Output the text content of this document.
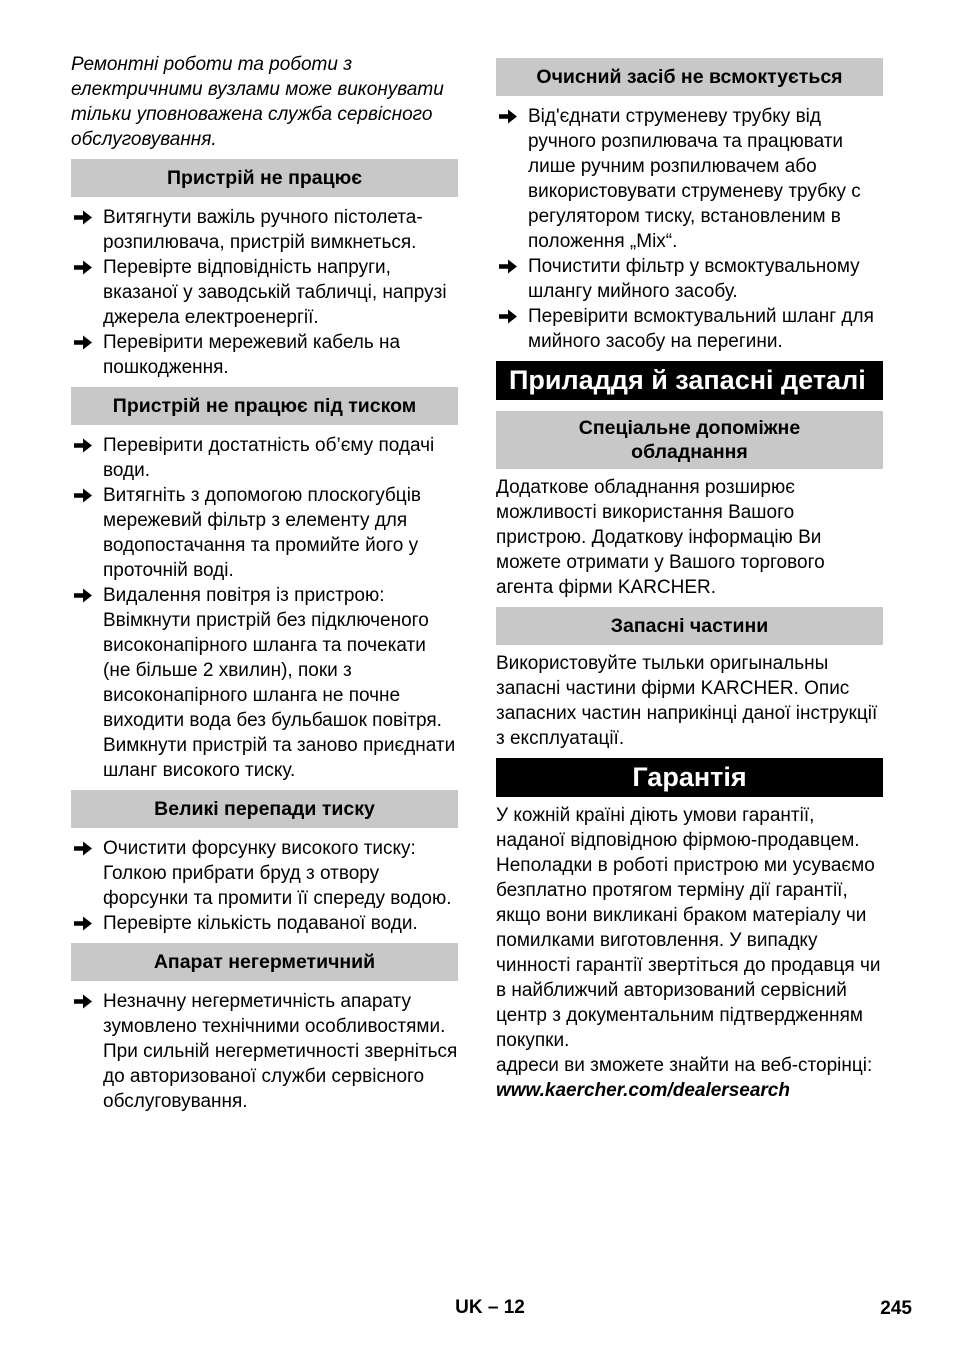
Ремонтні роботи та роботи з електричними вузлами може виконувати тільки уповноважена служба сервісного обслуговування.

Пристрій не працює
Витягнути важіль ручного пістолета-розпилювача, пристрій вимкнеться.
Перевірте відповідність напруги, вказаної у заводській табличці, напрузі джерела електроенергії.
Перевірити мережевий кабель на пошкодження.
Пристрій не працює під тиском
Перевірити достатність об’єму подачі води.
Витягніть з допомогою плоскогубців мережевий фільтр з елементу для водопостачання та промийте його у проточній воді.
Видалення повітря із пристрою: Ввімкнути пристрій без підключеного високонапірного шланга та почекати (не більше 2 хвилин), поки з високонапірного шланга не почне виходити вода без бульбашок повітря. Вимкнути пристрій та заново приєднати шланг високого тиску.
Великі перепади тиску
Очистити форсунку високого тиску: Голкою прибрати бруд з отвору форсунки та промити її спереду водою.
Перевірте кількість подаваної води.
Апарат негерметичний
Незначну негерметичність апарату зумовлено технічними особливостями. При сильній негерметичності зверніться до авторизованої служби сервісного обслуговування.
Очисний засіб не всмоктується
Від'єднати струменеву трубку від ручного розпилювача та працювати лише ручним розпилювачем або використовувати струменеву трубку с регулятором тиску, встановленим в положення „Mix“.
Почистити фільтр у всмоктувальному шлангу мийного засобу.
Перевірити всмоктувальний шланг для мийного засобу на перегини.
Приладдя й запасні деталі
Спеціальне допоміжне
обладнання

Додаткове обладнання розширює можливості використання Вашого пристрою. Додаткову інформацію Ви можете отримати у Вашого торгового агента фірми KARCHER.

Запасні частини

Використовуйте тыльки оригынальны запасні частини фірми KARCHER. Опис запасних частин наприкінці даної інструкції з експлуатації.

Гарантія

У кожній країні діють умови гарантії, наданої відповідною фірмою-продавцем. Неполадки в роботі пристрою ми усуваємо безплатно протягом терміну дії гарантії, якщо вони викликані браком матеріалу чи помилками виготовлення. У випадку чинності гарантії звертіться до продавця чи в найближчий авторизований сервісний центр з документальним підтвердженням покупки.

адреси ви зможете знайти на веб-сторінці:

www.kaercher.com/dealersearch
UK – 12	245
